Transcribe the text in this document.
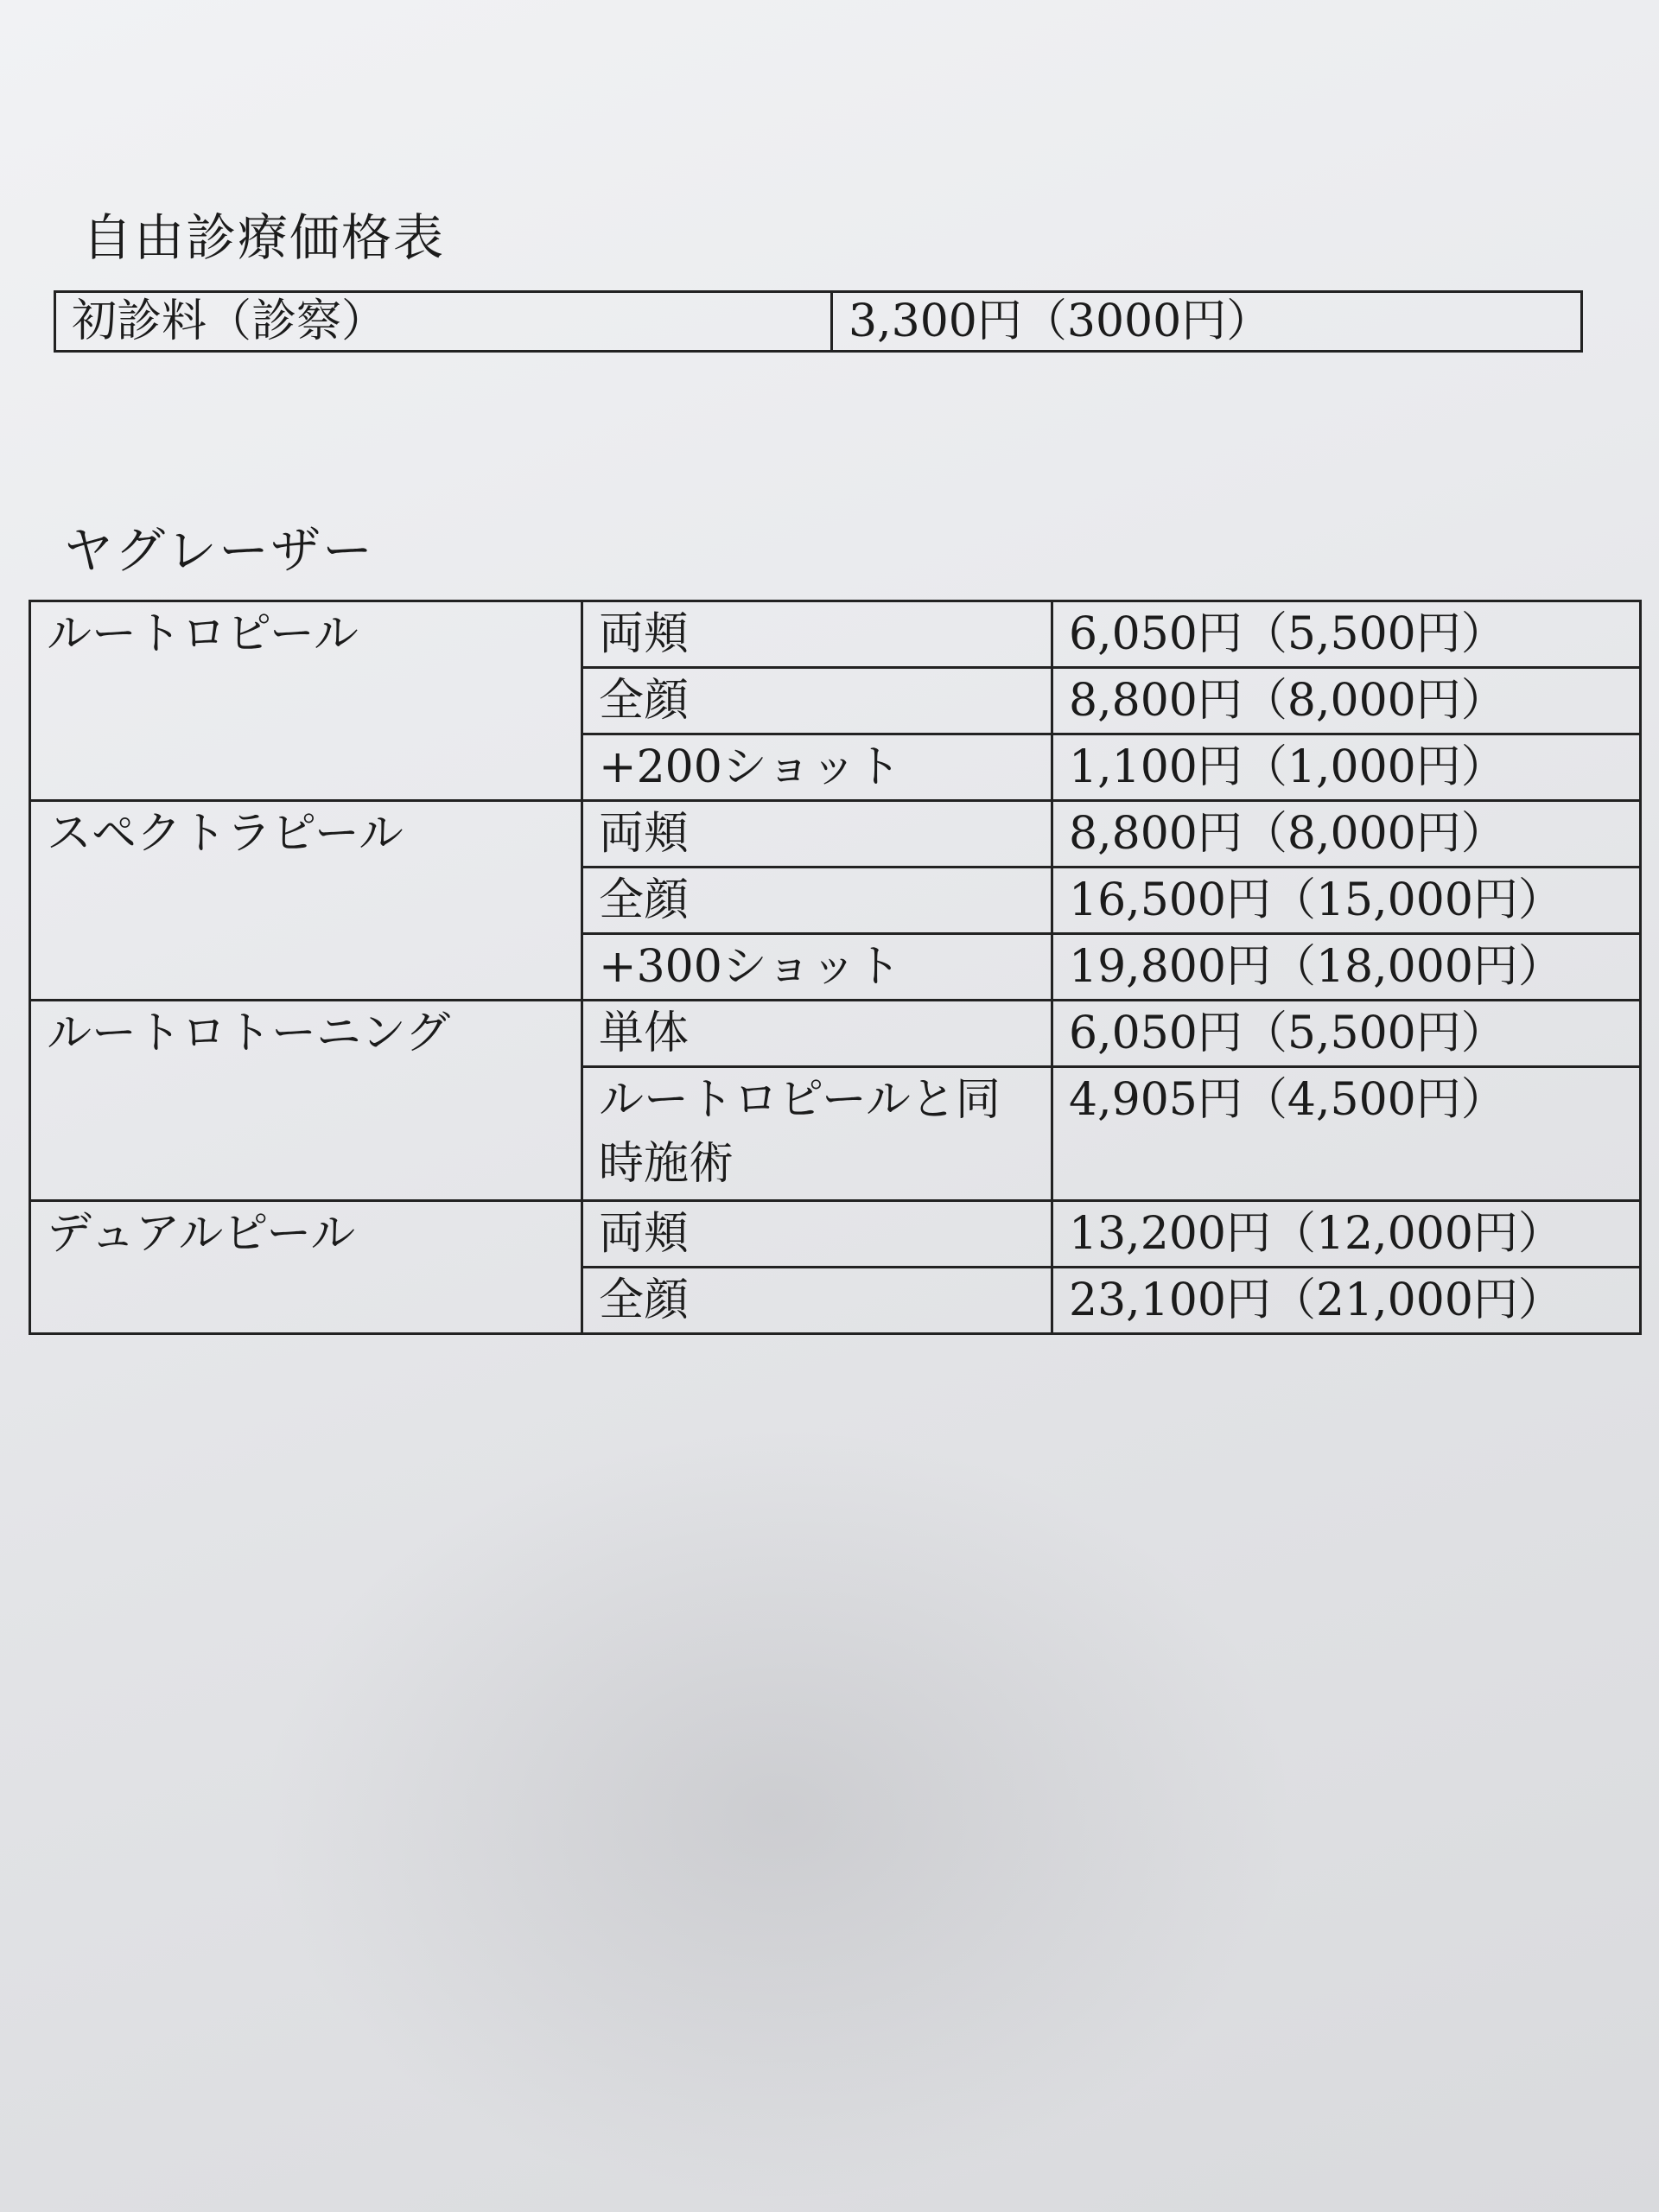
自由診療価格表
初診料（診察）	3,300円（3000円）
ヤグレーザー
ルートロピール	両頬	6,050円（5,500円）
	全顔	8,800円（8,000円）
	+200ショット	1,100円（1,000円）
スペクトラピール	両頬	8,800円（8,000円）
	全顔	16,500円（15,000円）
	+300ショット	19,800円（18,000円）
ルートロトーニング	単体	6,050円（5,500円）
	ルートロピールと同時施術	4,905円（4,500円）
デュアルピール	両頬	13,200円（12,000円）
	全顔	23,100円（21,000円）
